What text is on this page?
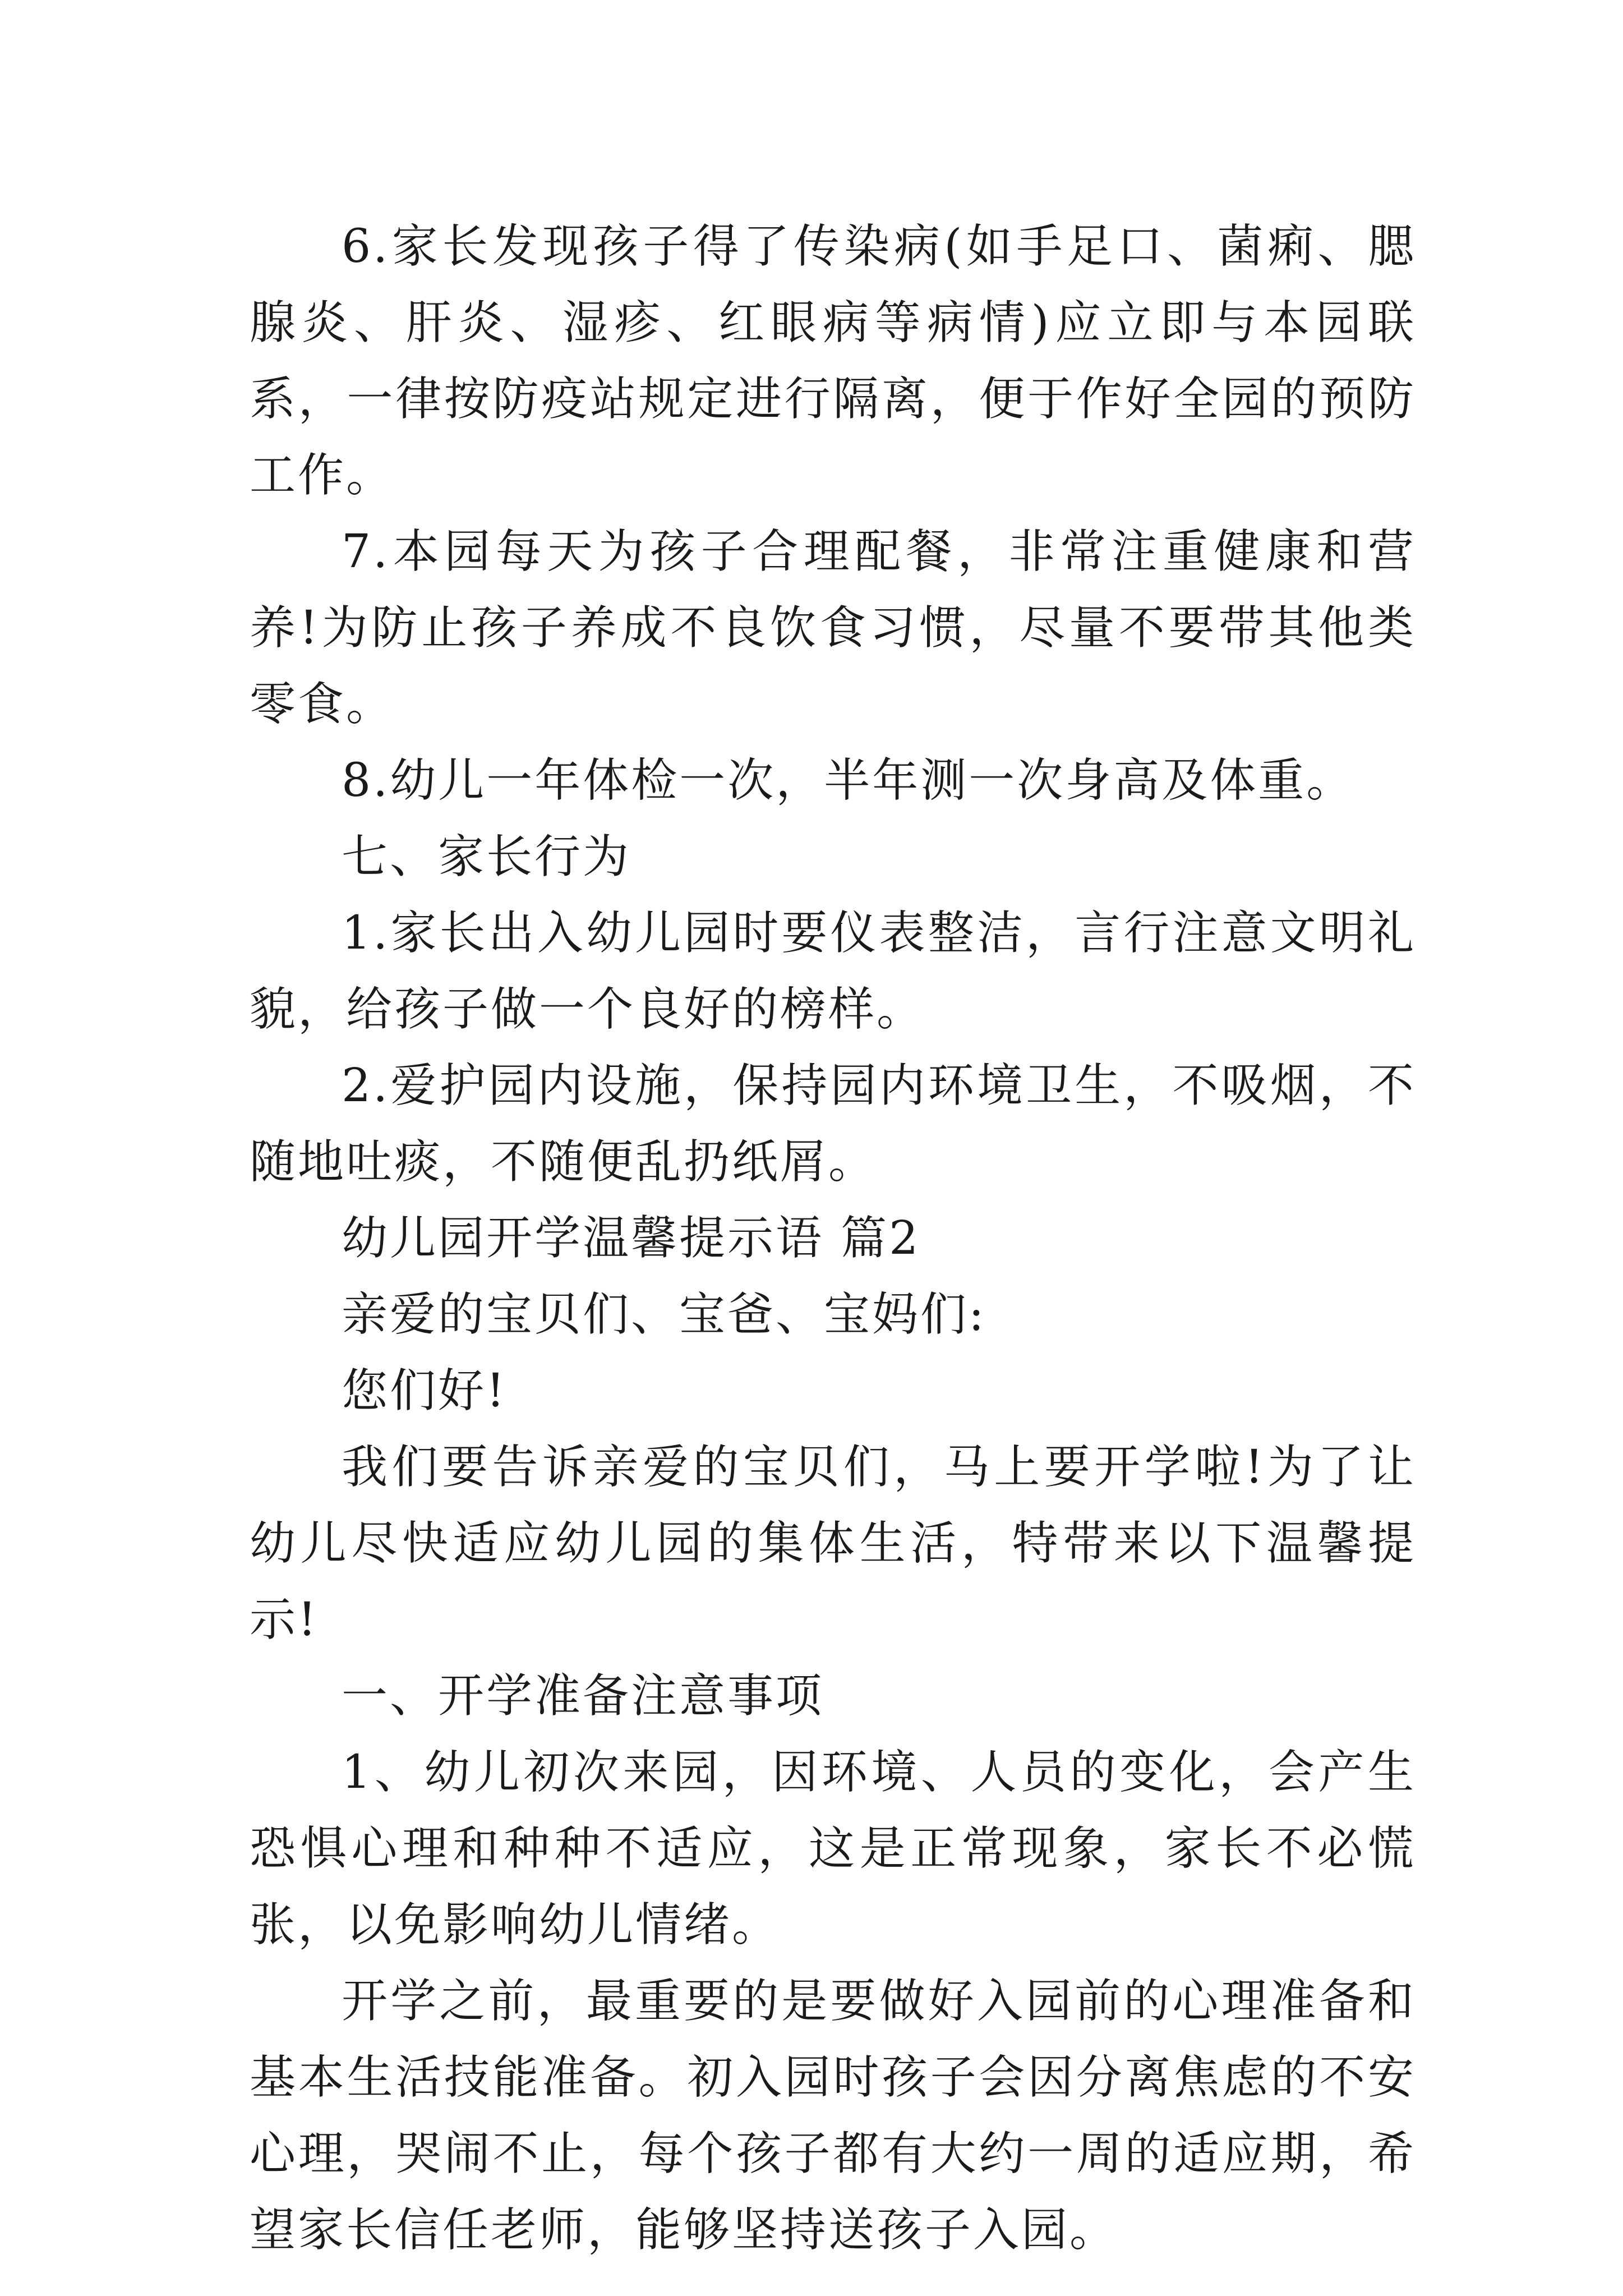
6.家长发现孩子得了传染病(如手足口、菌痢、腮腺炎、肝炎、湿疹、红眼病等病情)应立即与本园联系，一律按防疫站规定进行隔离，便于作好全园的预防工作。

7.本园每天为孩子合理配餐，非常注重健康和营养!为防止孩子养成不良饮食习惯，尽量不要带其他类零食。

8.幼儿一年体检一次，半年测一次身高及体重。

七、家长行为

1.家长出入幼儿园时要仪表整洁，言行注意文明礼貌，给孩子做一个良好的榜样。

2.爱护园内设施，保持园内环境卫生，不吸烟，不随地吐痰，不随便乱扔纸屑。

幼儿园开学温馨提示语 篇2

亲爱的宝贝们、宝爸、宝妈们:

您们好!

我们要告诉亲爱的宝贝们，马上要开学啦!为了让幼儿尽快适应幼儿园的集体生活，特带来以下温馨提示!

一、开学准备注意事项

1、幼儿初次来园，因环境、人员的变化，会产生恐惧心理和种种不适应，这是正常现象，家长不必慌张，以免影响幼儿情绪。

开学之前，最重要的是要做好入园前的心理准备和基本生活技能准备。初入园时孩子会因分离焦虑的不安心理，哭闹不止，每个孩子都有大约一周的适应期，希望家长信任老师，能够坚持送孩子入园。
